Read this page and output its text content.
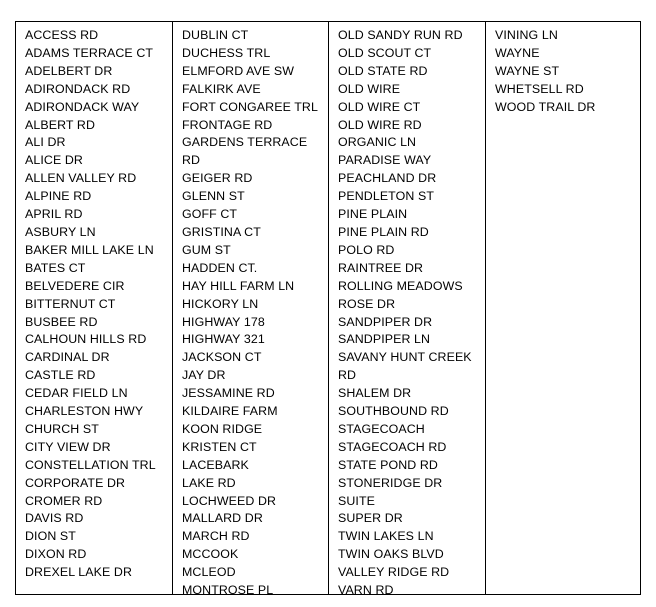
ACCESS RD
ADAMS TERRACE CT
ADELBERT DR
ADIRONDACK RD
ADIRONDACK WAY
ALBERT RD
ALI DR
ALICE DR
ALLEN VALLEY RD
ALPINE RD
APRIL RD
ASBURY LN
BAKER MILL LAKE LN
BATES CT
BELVEDERE CIR
BITTERNUT CT
BUSBEE RD
CALHOUN HILLS RD
CARDINAL DR
CASTLE RD
CEDAR FIELD LN
CHARLESTON HWY
CHURCH ST
CITY VIEW DR
CONSTELLATION TRL
CORPORATE DR
CROMER RD
DAVIS RD
DION ST
DIXON RD
DREXEL LAKE DR
DUBLIN CT
DUCHESS TRL
ELMFORD AVE SW
FALKIRK AVE
FORT CONGAREE TRL
FRONTAGE RD
GARDENS TERRACE RD
GEIGER RD
GLENN ST
GOFF CT
GRISTINA CT
GUM ST
HADDEN CT.
HAY HILL FARM LN
HICKORY LN
HIGHWAY 178
HIGHWAY 321
JACKSON CT
JAY DR
JESSAMINE RD
KILDAIRE FARM
KOON RIDGE
KRISTEN CT
LACEBARK
LAKE RD
LOCHWEED DR
MALLARD DR
MARCH RD
MCCOOK
MCLEOD
MONTROSE PL
OLD SANDY RUN RD
OLD SCOUT CT
OLD STATE RD
OLD WIRE
OLD WIRE CT
OLD WIRE RD
ORGANIC LN
PARADISE WAY
PEACHLAND DR
PENDLETON ST
PINE PLAIN
PINE PLAIN RD
POLO RD
RAINTREE DR
ROLLING MEADOWS
ROSE DR
SANDPIPER DR
SANDPIPER LN
SAVANY HUNT CREEK RD
SHALEM DR
SOUTHBOUND RD
STAGECOACH
STAGECOACH RD
STATE POND RD
STONERIDGE DR SUITE
SUPER DR
TWIN LAKES LN
TWIN OAKS BLVD
VALLEY RIDGE RD
VARN RD
VINING LN
WAYNE
WAYNE ST
WHETSELL RD
WOOD TRAIL DR
